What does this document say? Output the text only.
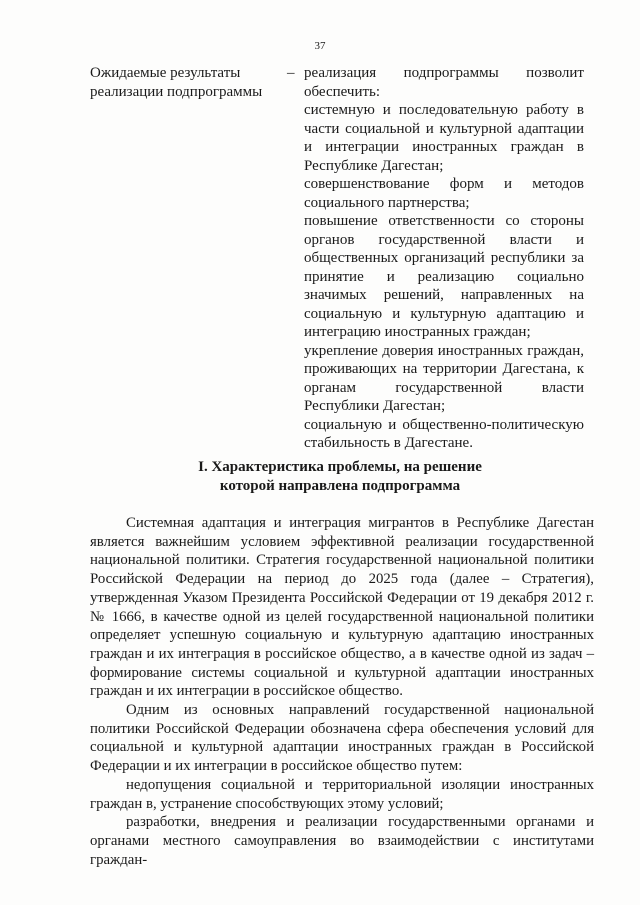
37
Ожидаемые результаты реализации подпрограммы
– реализация подпрограммы позволит обеспечить:

системную и последовательную работу в части социальной и культурной адаптации и интеграции иностранных граждан в Республике Дагестан;

совершенствование форм и методов социального партнерства;

повышение ответственности со стороны органов государственной власти и общественных организаций республики за принятие и реализацию социально значимых решений, направленных на социальную и культурную адаптацию и интеграцию иностранных граждан;

укрепление доверия иностранных граждан, проживающих на территории Дагестана, к органам государственной власти Республики Дагестан;

социальную и общественно-политическую стабильность в Дагестане.

I. Характеристика проблемы, на решение
которой направлена подпрограмма

Системная адаптация и интеграция мигрантов в Республике Дагестан является важнейшим условием эффективной реализации государственной национальной политики. Стратегия государственной национальной политики Российской Федерации на период до 2025 года (далее – Стратегия), утвержденная Указом Президента Российской Федерации от 19 декабря 2012 г. № 1666, в качестве одной из целей государственной национальной политики определяет успешную социальную и культурную адаптацию иностранных граждан и их интеграция в российское общество, а в качестве одной из задач – формирование системы социальной и культурной адаптации иностранных граждан и их интеграции в российское общество.

Одним из основных направлений государственной национальной политики Российской Федерации обозначена сфера обеспечения условий для социальной и культурной адаптации иностранных граждан в Российской Федерации и их интеграции в российское общество путем:

недопущения социальной и территориальной изоляции иностранных граждан в, устранение способствующих этому условий;

разработки, внедрения и реализации государственными органами и органами местного самоуправления во взаимодействии с институтами граждан-
